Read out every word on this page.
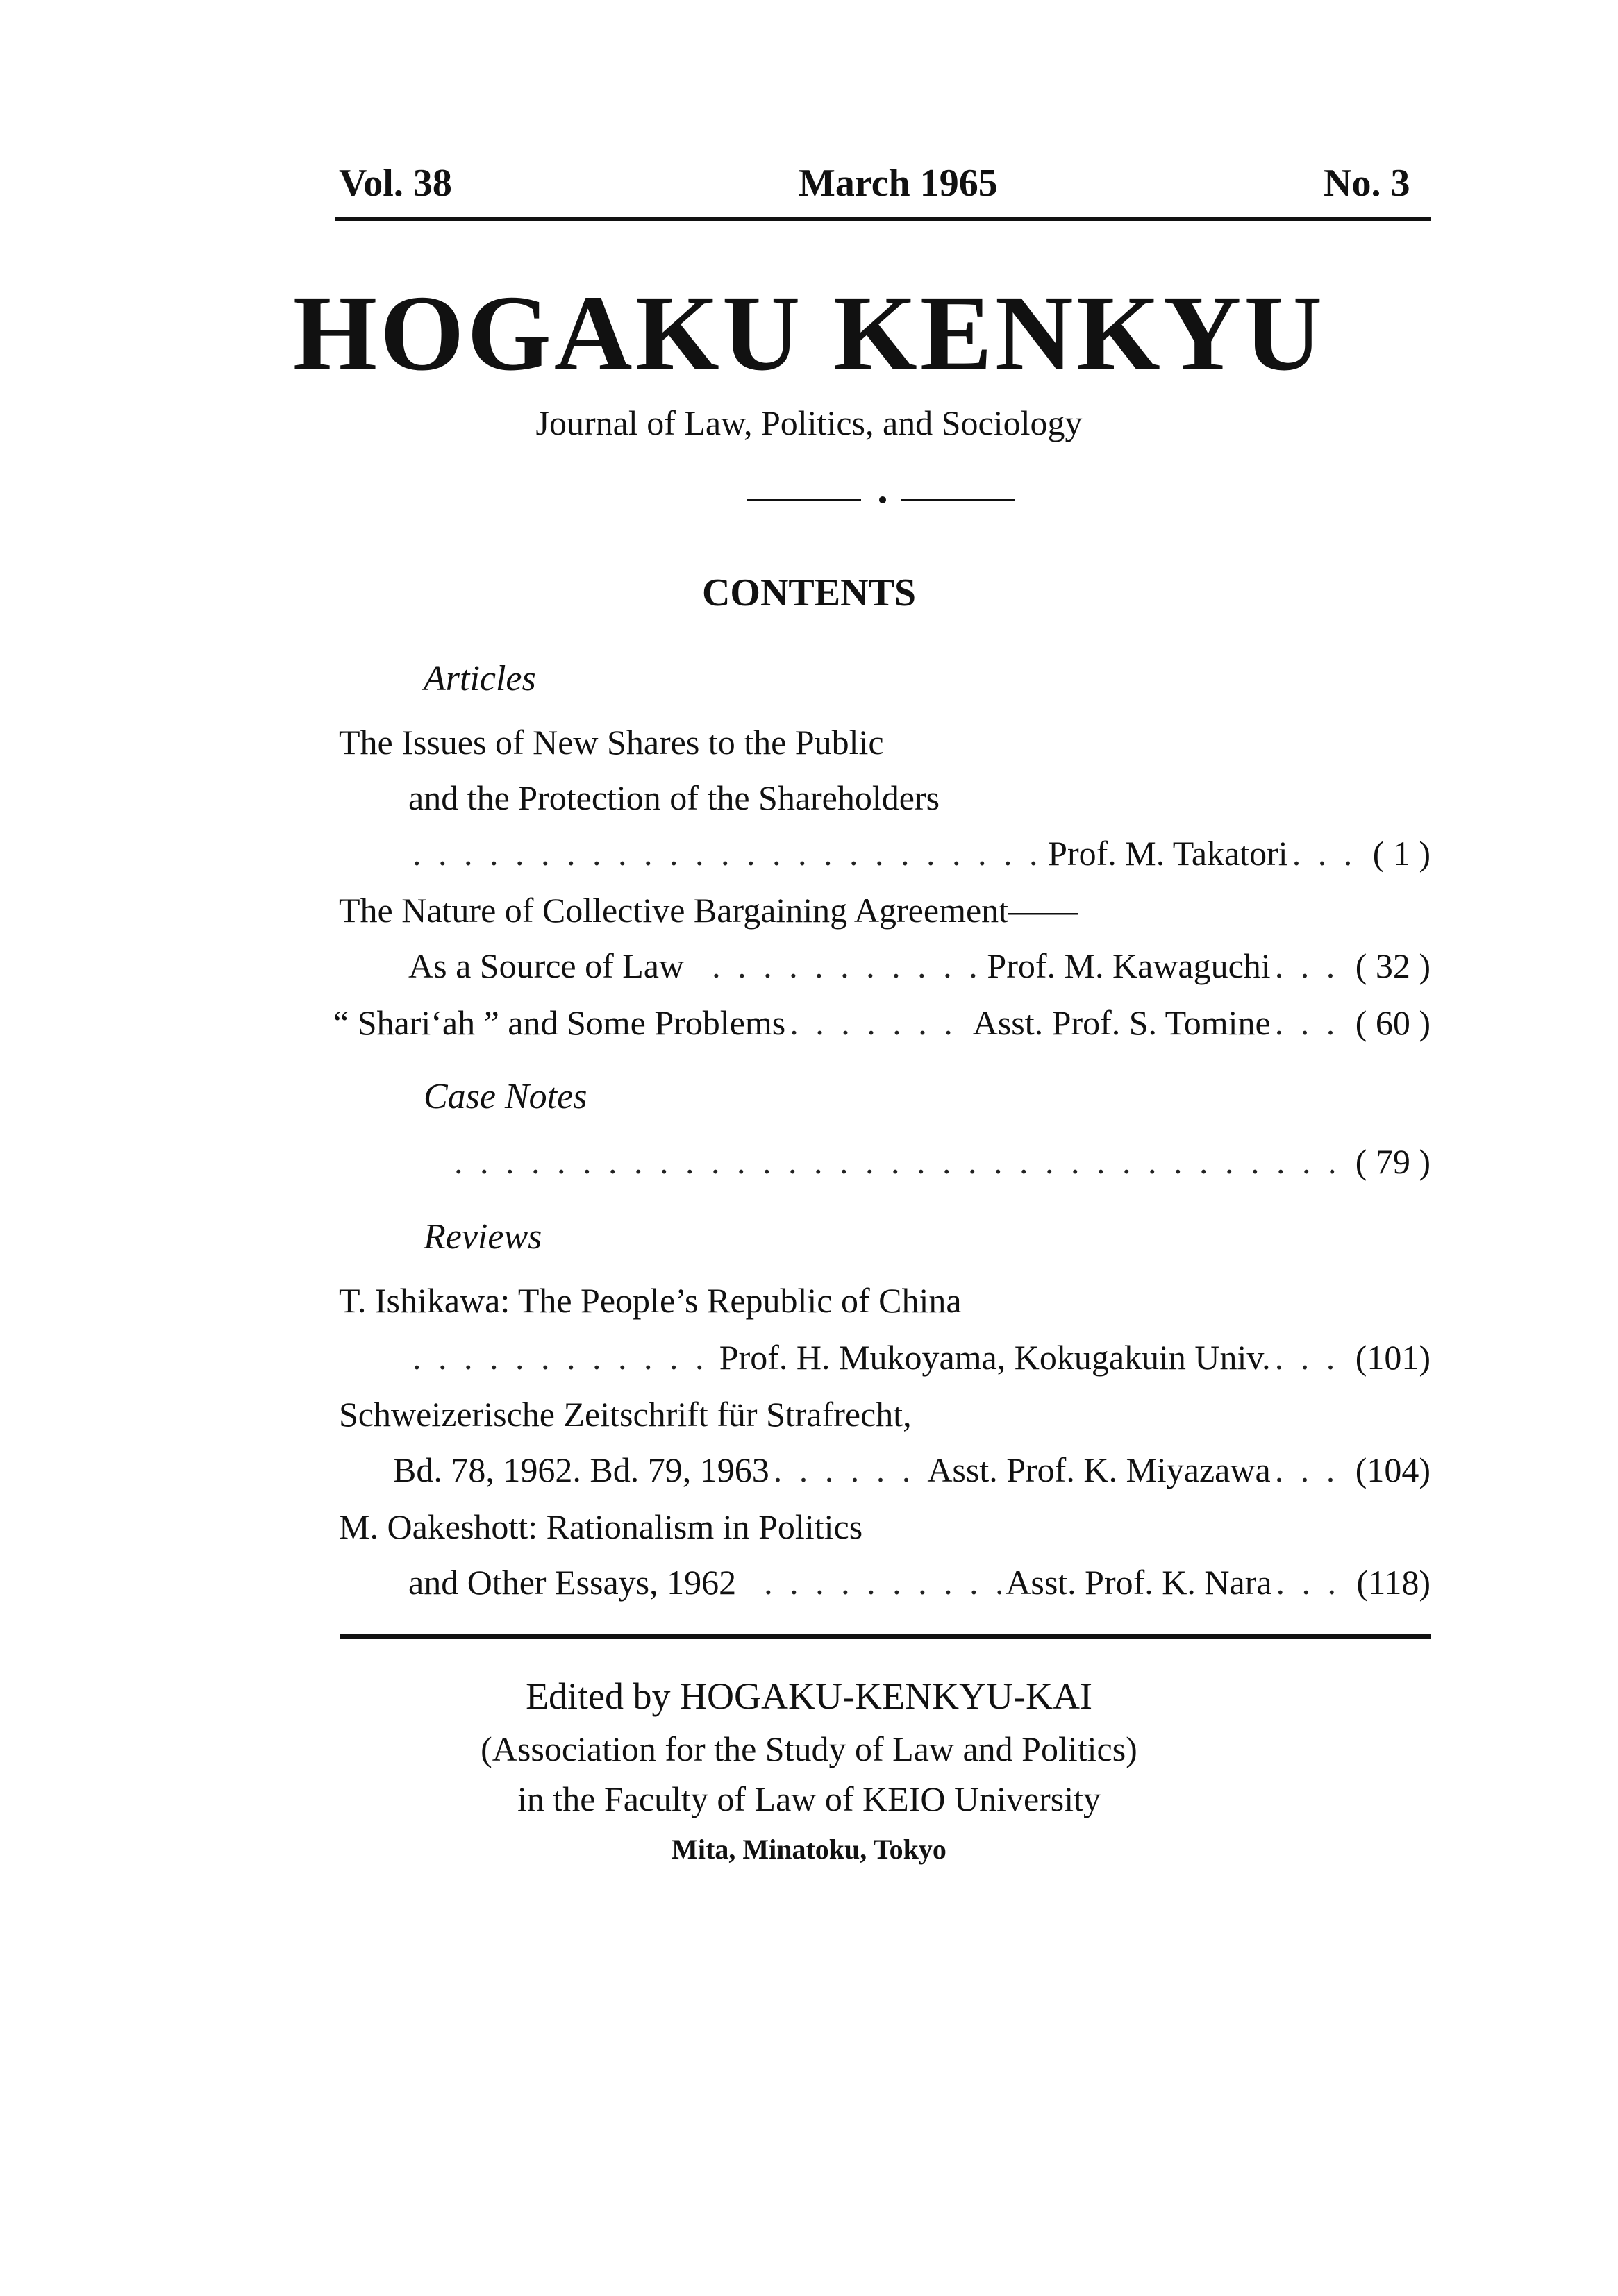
Vol. 38	March 1965	No. 3
HOGAKU KENKYU
Journal of Law, Politics, and Sociology
CONTENTS
Articles
The Issues of New Shares to the Public
and the Protection of the Shareholders
. . .
Prof. M. Takatori . . . ( 1 )
The Nature of Collective Bargaining Agreement——
As a Source of Law . . .	Prof. M. Kawaguchi . . . ( 32 )
“ Shari‘ah ” and Some Problems . . .	Asst. Prof. S. Tomine . . . ( 60 )
Case Notes
. . .
( 79 )
Reviews
T. Ishikawa: The People’s Republic of China
. . .
Prof. H. Mukoyama, Kokugakuin Univ. . . . (101)
Schweizerische Zeitschrift für Strafrecht,
Bd. 78, 1962. Bd. 79, 1963 . . .	Asst. Prof. K. Miyazawa . . . (104)
M. Oakeshott: Rationalism in Politics
and Other Essays, 1962 . . .	Asst. Prof. K. Nara . . . (118)
Edited by HOGAKU-KENKYU-KAI
(Association for the Study of Law and Politics)
in the Faculty of Law of KEIO University
Mita, Minatoku, Tokyo
